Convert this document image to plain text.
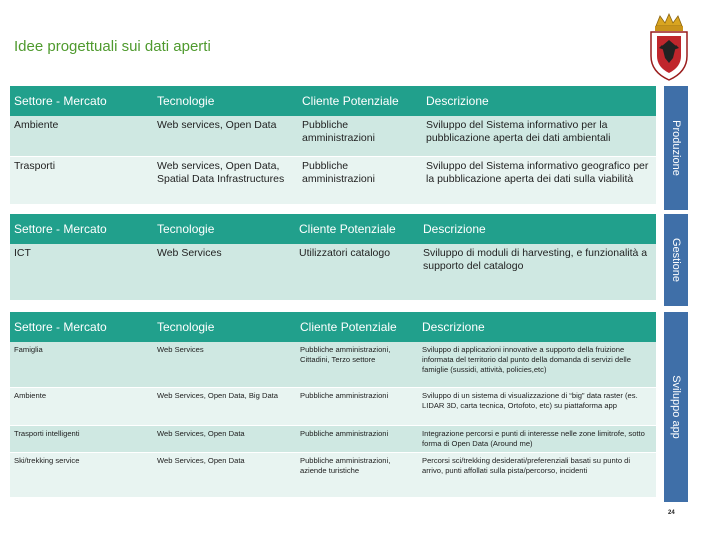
Idee progettuali sui dati aperti
Settore - Mercato	Tecnologie	Cliente Potenziale	Descrizione
Ambiente	Web services, Open Data	Pubbliche amministrazioni	Sviluppo del Sistema informativo per la pubblicazione aperta dei dati ambientali
Trasporti	Web services, Open Data, Spatial Data Infrastructures	Pubbliche amministrazioni	Sviluppo del Sistema informativo geografico per la pubblicazione aperta dei dati sulla viabilità
Settore - Mercato	Tecnologie	Cliente Potenziale	Descrizione
ICT	Web Services	Utilizzatori catalogo	Sviluppo di moduli di harvesting, e funzionalità a supporto del catalogo
Settore - Mercato	Tecnologie	Cliente Potenziale	Descrizione
Famiglia	Web Services	Pubbliche amministrazioni, Cittadini, Terzo settore	Sviluppo di applicazioni innovative a supporto della fruizione informata del territorio dal punto della domanda di servizi delle famiglie (sussidi, attività, policies,etc)
Ambiente	Web Services, Open Data, Big Data	Pubbliche amministrazioni	Sviluppo di un sistema di visualizzazione di “big” data raster (es. LIDAR 3D, carta tecnica, Ortofoto, etc) su piattaforma app
Trasporti intelligenti	Web Services, Open Data	Pubbliche amministrazioni	Integrazione percorsi e punti di interesse nelle zone limitrofe, sotto forma di Open Data (Around me)
Ski/trekking service	Web Services, Open Data	Pubbliche amministrazioni, aziende turistiche	Percorsi sci/trekking desiderati/preferenziali basati su punto di arrivo, punti affollati sulla pista/percorso, incidenti
Produzione
Gestione
Sviluppo app
24
